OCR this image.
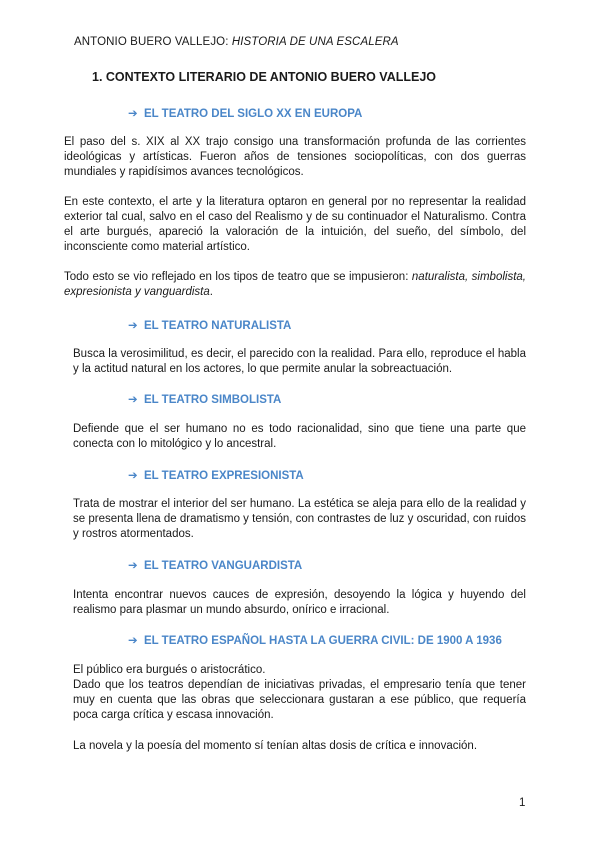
ANTONIO BUERO VALLEJO: HISTORIA DE UNA ESCALERA
1. CONTEXTO LITERARIO DE ANTONIO BUERO VALLEJO
➔ EL TEATRO DEL SIGLO XX EN EUROPA

El paso del s. XIX al XX trajo consigo una transformación profunda de las corrientes ideológicas y artísticas. Fueron años de tensiones sociopolíticas, con dos guerras mundiales y rapidísimos avances tecnológicos.

En este contexto, el arte y la literatura optaron en general por no representar la realidad exterior tal cual, salvo en el caso del Realismo y de su continuador el Naturalismo. Contra el arte burgués, apareció la valoración de la intuición, del sueño, del símbolo, del inconsciente como material artístico.

Todo esto se vio reflejado en los tipos de teatro que se impusieron: naturalista, simbolista, expresionista y vanguardista.

➔ EL TEATRO NATURALISTA

Busca la verosimilitud, es decir, el parecido con la realidad. Para ello, reproduce el habla y la actitud natural en los actores, lo que permite anular la sobreactuación.

➔ EL TEATRO SIMBOLISTA

Defiende que el ser humano no es todo racionalidad, sino que tiene una parte que conecta con lo mitológico y lo ancestral.

➔ EL TEATRO EXPRESIONISTA

Trata de mostrar el interior del ser humano. La estética se aleja para ello de la realidad y se presenta llena de dramatismo y tensión, con contrastes de luz y oscuridad, con ruidos y rostros atormentados.

➔ EL TEATRO VANGUARDISTA

Intenta encontrar nuevos cauces de expresión, desoyendo la lógica y huyendo del realismo para plasmar un mundo absurdo, onírico e irracional.

➔ EL TEATRO ESPAÑOL HASTA LA GUERRA CIVIL: DE 1900 A 1936

El público era burgués o aristocrático.

Dado que los teatros dependían de iniciativas privadas, el empresario tenía que tener muy en cuenta que las obras que seleccionara gustaran a ese público, que requería poca carga crítica y escasa innovación.

La novela y la poesía del momento sí tenían altas dosis de crítica e innovación.

1
